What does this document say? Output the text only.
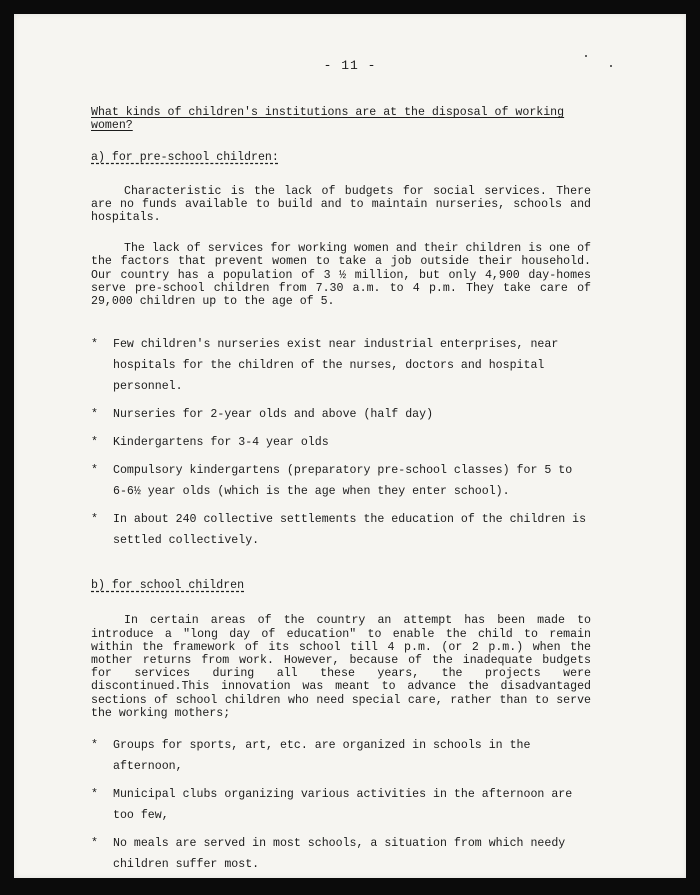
- 11 -

What kinds of children's institutions are at the disposal of working women?

a) for pre-school children:

Characteristic is the lack of budgets for social services. There are no funds available to build and to maintain nurseries, schools and hospitals.

The lack of services for working women and their children is one of the factors that prevent women to take a job outside their household. Our country has a population of 3 ½ million, but only 4,900 day-homes serve pre-school children from 7.30 a.m. to 4 p.m. They take care of 29,000 children up to the age of 5.

* Few children's nurseries exist near industrial enterprises, near hospitals for the children of the nurses, doctors and hospital personnel.
* Nurseries for 2-year olds and above (half day)
* Kindergartens for 3-4 year olds
* Compulsory kindergartens (preparatory pre-school classes) for 5 to 6-6½ year olds (which is the age when they enter school).
* In about 240 collective settlements the education of the children is settled collectively.

b) for school children

In certain areas of the country an attempt has been made to introduce a "long day of education" to enable the child to remain within the framework of its school till 4 p.m. (or 2 p.m.) when the mother returns from work. However, because of the inadequate budgets for services during all these years, the projects were discontinued.This innovation was meant to advance the disadvantaged sections of school children who need special care, rather than to serve the working mothers;

* Groups for sports, art, etc. are organized in schools in the afternoon,
* Municipal clubs organizing various activities in the afternoon are too few,
* No meals are served in most schools, a situation from which needy children suffer most.
